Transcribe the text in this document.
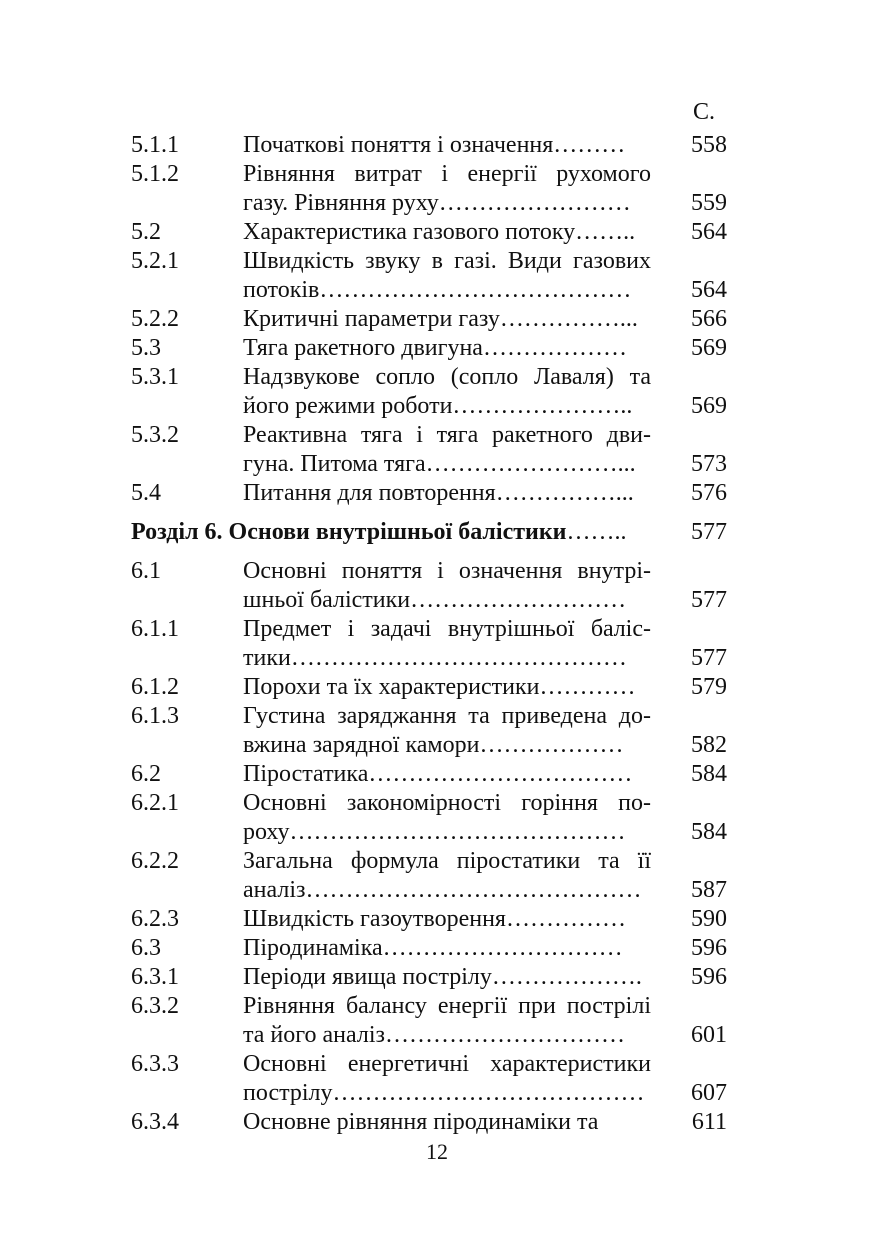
С.
5.1.1	Початкові поняття і означення………	558
5.1.2	Рівняння витрат і енергії рухомого
газу. Рівняння руху……………………	559
5.2	Характеристика газового потоку……..	564
5.2.1	Швидкість звуку в газі. Види газових
потоків…………………………………	564
5.2.2	Критичні параметри газу……………...	566
5.3	Тяга ракетного двигуна………………	569
5.3.1	Надзвукове сопло (сопло Лаваля) та
його режими роботи…………………..	569
5.3.2	Реактивна тяга і тяга ракетного дви-
гуна. Питома тяга……………………...	573
5.4	Питання для повторення……………...	576
Розділ 6. Основи внутрішньої балістики……..	577
6.1	Основні поняття і означення внутрі-
шньої балістики………………………	577
6.1.1	Предмет і задачі внутрішньої бaліс-
тики……………………………………	577
6.1.2	Порохи та їх характеристики…………	579
6.1.3	Густина заряджання та приведена до-
вжина зарядної камори………………	582
6.2	Піростатика……………………………	584
6.2.1	Основні закономірності горіння по-
роху……………………………………	584
6.2.2	Загальна формула піростатики та її
аналіз……………………………………	587
6.2.3	Швидкість газоутворення……………	590
6.3	Піродинаміка…………………………	596
6.3.1	Періоди явища пострілу……………….	596
6.3.2	Рівняння балансу енергії при пострілі
та його аналіз…………………………	601
6.3.3	Основні енергетичні характеристики
пострілу………………………………… 607
6.3.4	Основне рівняння піродинаміки та	611
12
